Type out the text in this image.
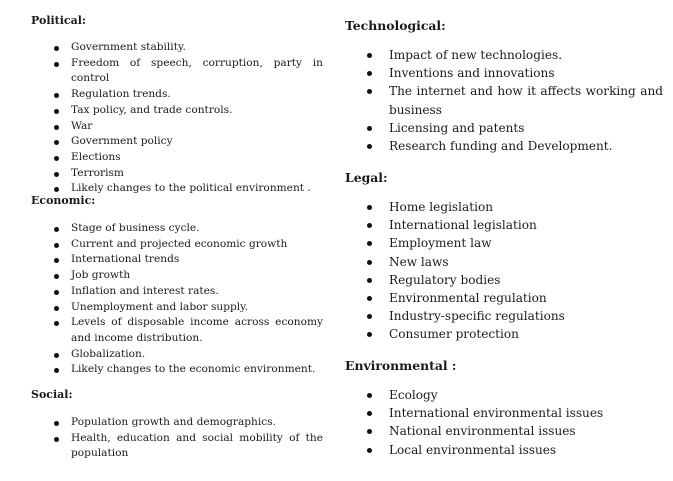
Political:
Government stability.
Freedom of speech, corruption, party in control
Regulation trends.
Tax policy, and trade controls.
War
Government policy
Elections
Terrorism
Likely changes to the political environment .
Economic:
Stage of business cycle.
Current and projected economic growth
International trends
Job growth
Inflation and interest rates.
Unemployment and labor supply.
Levels of disposable income across economy and income distribution.
Globalization.
Likely changes to the economic environment.
Social:
Population growth and demographics.
Health, education and social mobility of the population
Technological:
Impact of new technologies.
Inventions and innovations
The internet and how it affects working and business
Licensing and patents
Research funding and Development.
Legal:
Home legislation
International legislation
Employment law
New laws
Regulatory bodies
Environmental regulation
Industry-specific regulations
Consumer protection
Environmental :
Ecology
International environmental issues
National environmental issues
Local environmental issues
